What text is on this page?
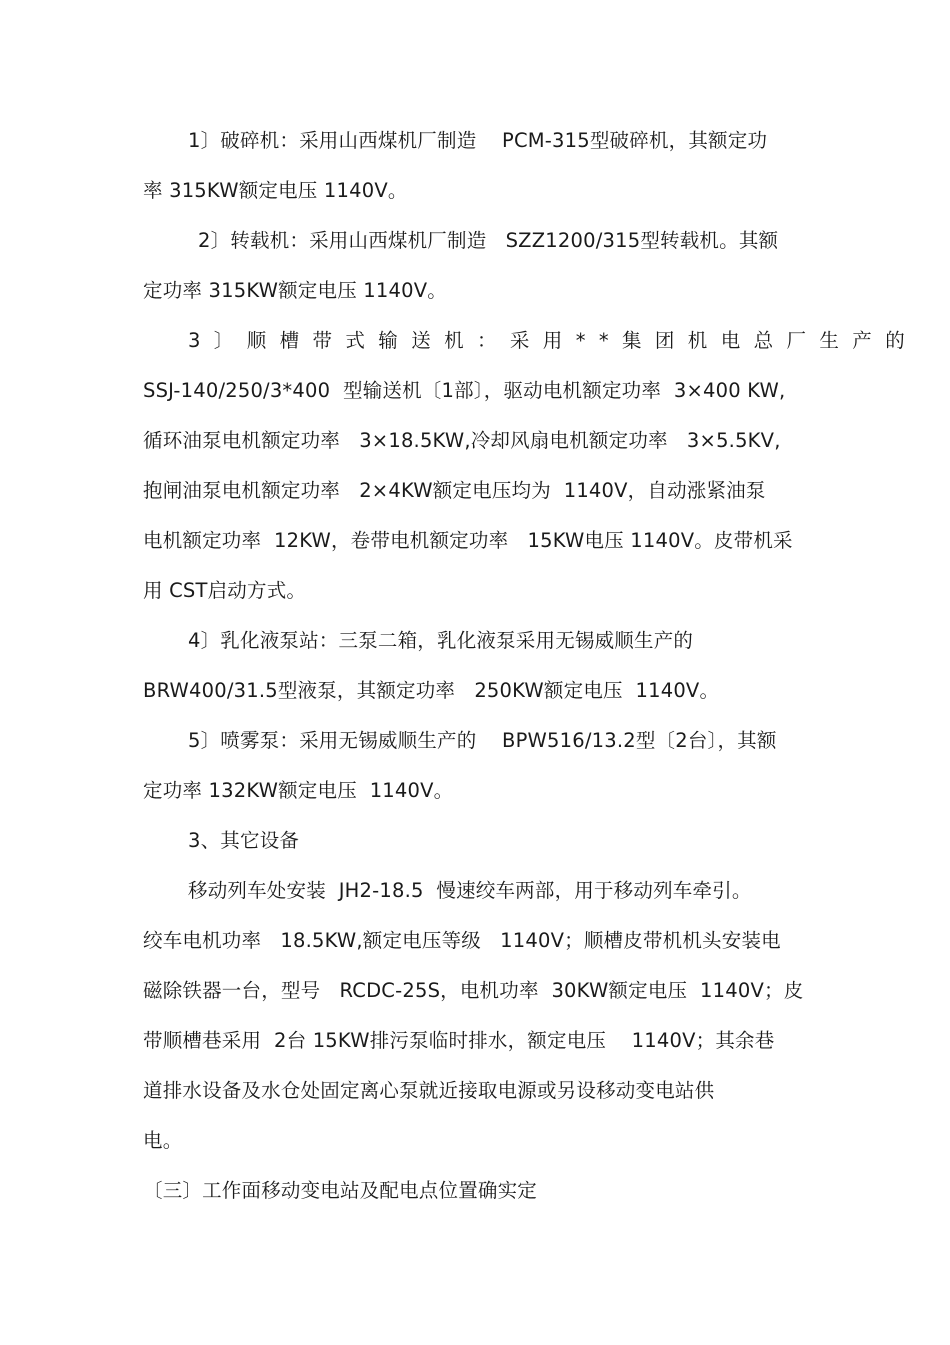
1〕破碎机：采用山西煤机厂制造    PCM-315型破碎机，其额定功
率 315KW额定电压 1140V。
2〕转载机：采用山西煤机厂制造   SZZ1200/315型转载机。其额
定功率 315KW额定电压 1140V。
3〕顺槽带式输送机：采用**集团机电总厂生产的
SSJ-140/250/3*400  型输送机〔1部〕，驱动电机额定功率  3×400 KW,
循环油泵电机额定功率   3×18.5KW,冷却风扇电机额定功率   3×5.5KV,
抱闸油泵电机额定功率   2×4KW额定电压均为  1140V，自动涨紧油泵
电机额定功率  12KW，卷带电机额定功率   15KW电压 1140V。皮带机采
用 CST启动方式。
4〕乳化液泵站：三泵二箱，乳化液泵采用无锡威顺生产的
BRW400/31.5型液泵，其额定功率   250KW额定电压  1140V。
5〕喷雾泵：采用无锡威顺生产的    BPW516/13.2型〔2台〕，其额
定功率 132KW额定电压  1140V。
3、其它设备
移动列车处安装  JH2-18.5  慢速绞车两部，用于移动列车牵引。
绞车电机功率   18.5KW,额定电压等级   1140V；顺槽皮带机机头安装电
磁除铁器一台，型号   RCDC-25S，电机功率  30KW额定电压  1140V；皮
带顺槽巷采用  2台 15KW排污泵临时排水，额定电压    1140V；其余巷
道排水设备及水仓处固定离心泵就近接取电源或另设移动变电站供
电。
〔三〕工作面移动变电站及配电点位置确实定
